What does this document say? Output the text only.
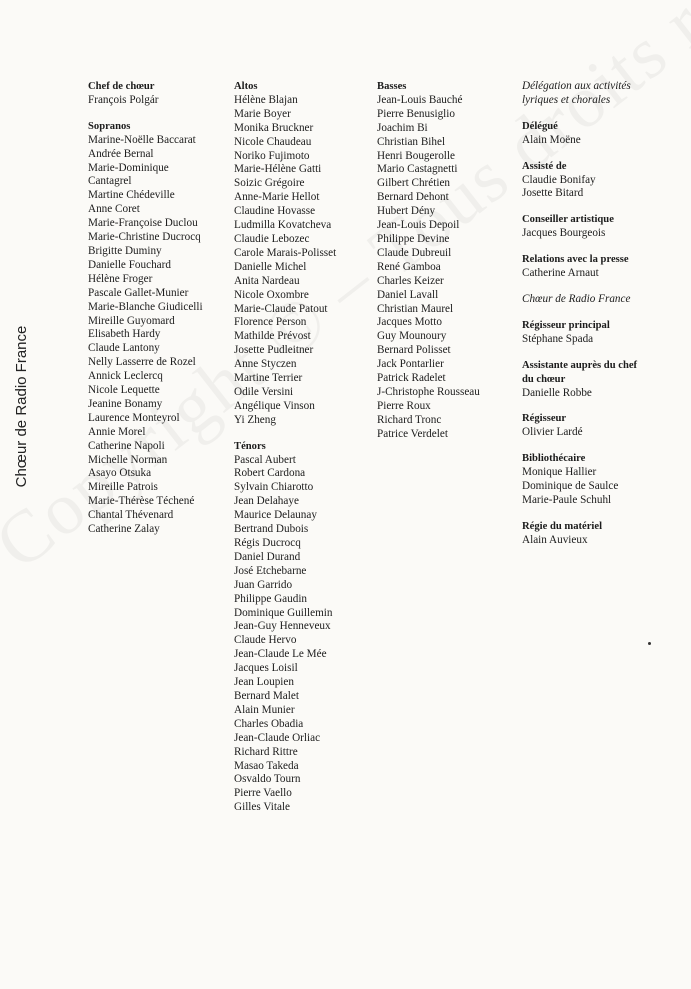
Chœur de Radio France
Chef de chœur
François Polgár
Sopranos
Marine-Noëlle Baccarat
Andrée Bernal
Marie-Dominique
Cantagrel
Martine Chédeville
Anne Coret
Marie-Françoise Duclou
Marie-Christine Ducrocq
Brigitte Duminy
Danielle Fouchard
Hélène Froger
Pascale Gallet-Munier
Marie-Blanche Giudicelli
Mireille Guyomard
Elisabeth Hardy
Claude Lantony
Nelly Lasserre de Rozel
Annick Leclercq
Nicole Lequette
Jeanine Bonamy
Laurence Monteyrol
Annie Morel
Catherine Napoli
Michelle Norman
Asayo Otsuka
Mireille Patrois
Marie-Thérèse Téchené
Chantal Thévenard
Catherine Zalay
Altos
Hélène Blajan
Marie Boyer
Monika Bruckner
Nicole Chaudeau
Noriko Fujimoto
Marie-Hélène Gatti
Soizic Grégoire
Anne-Marie Hellot
Claudine Hovasse
Ludmilla Kovatcheva
Claudie Lebozec
Carole Marais-Polisset
Danielle Michel
Anita Nardeau
Nicole Oxombre
Marie-Claude Patout
Florence Person
Mathilde Prévost
Josette Pudleitner
Anne Styczen
Martine Terrier
Odile Versini
Angélique Vinson
Yi Zheng
Ténors
Pascal Aubert
Robert Cardona
Sylvain Chiarotto
Jean Delahaye
Maurice Delaunay
Bertrand Dubois
Régis Ducrocq
Daniel Durand
José Etchebarne
Juan Garrido
Philippe Gaudin
Dominique Guillemin
Jean-Guy Henneveux
Claude Hervo
Jean-Claude Le Mée
Jacques Loisil
Jean Loupien
Bernard Malet
Alain Munier
Charles Obadia
Jean-Claude Orliac
Richard Rittre
Masao Takeda
Osvaldo Tourn
Pierre Vaello
Gilles Vitale
Basses
Jean-Louis Bauché
Pierre Benusiglio
Joachim Bi
Christian Bihel
Henri Bougerolle
Mario Castagnetti
Gilbert Chrétien
Bernard Dehont
Hubert Dény
Jean-Louis Depoil
Philippe Devine
Claude Dubreuil
René Gamboa
Charles Keizer
Daniel Lavall
Christian Maurel
Jacques Motto
Guy Mounoury
Bernard Polisset
Jack Pontarlier
Patrick Radelet
J-Christophe Rousseau
Pierre Roux
Richard Tronc
Patrice Verdelet
Délégation aux activités
lyriques et chorales
Délégué
Alain Moëne
Assisté de
Claudie Bonifay
Josette Bitard
Conseiller artistique
Jacques Bourgeois
Relations avec la presse
Catherine Arnaut
Chœur de Radio France
Régisseur principal
Stéphane Spada
Assistante auprès du chef
du chœur
Danielle Robbe
Régisseur
Olivier Lardé
Bibliothécaire
Monique Hallier
Dominique de Saulce
Marie-Paule Schuhl
Régie du matériel
Alain Auvieux
